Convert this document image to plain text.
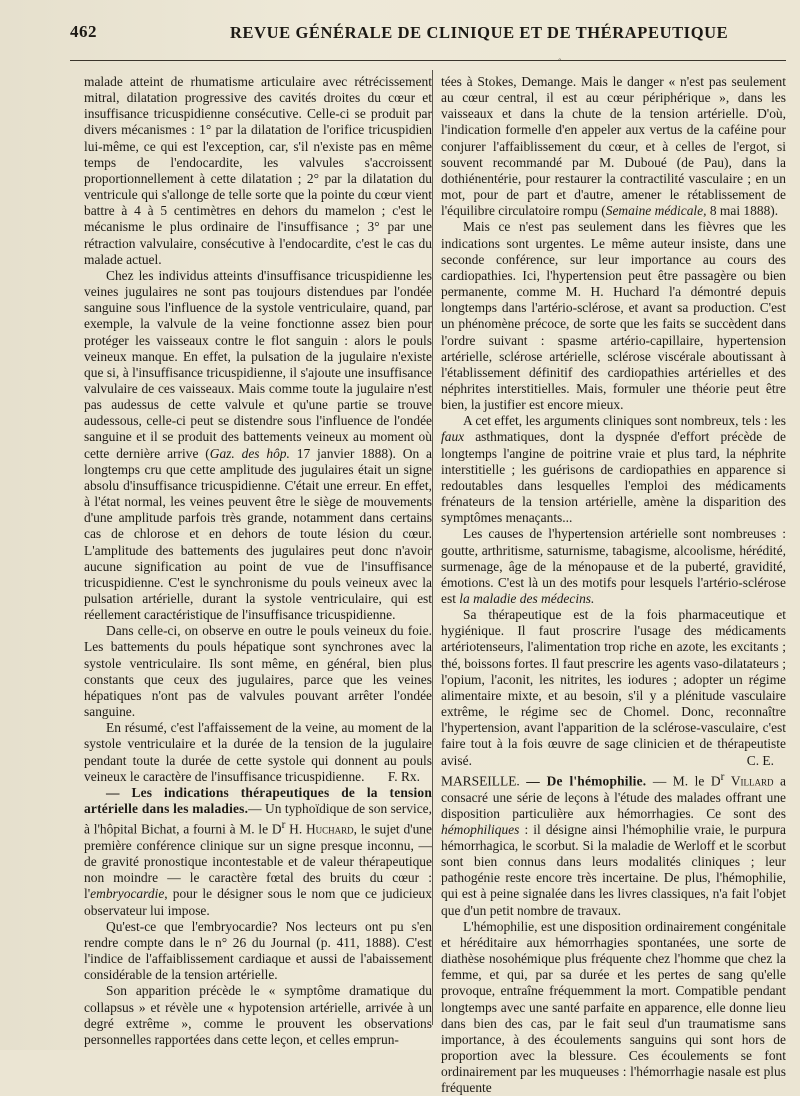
462	REVUE GÉNÉRALE DE CLINIQUE ET DE THÉRAPEUTIQUE
◦

malade atteint de rhumatisme articulaire avec rétrécissement mitral, dilatation progressive des cavités droites du cœur et insuffisance tricuspidienne consécutive. Celle-ci se produit par divers mécanismes : 1° par la dilatation de l'orifice tricuspidien lui-même, ce qui est l'exception, car, s'il n'existe pas en même temps de l'endocardite, les valvules s'accroissent proportionnellement à cette dilatation ; 2° par la dilatation du ventricule qui s'allonge de telle sorte que la pointe du cœur vient battre à 4 à 5 centimètres en dehors du mamelon ; c'est le mécanisme le plus ordinaire de l'insuffisance ; 3° par une rétraction valvulaire, consécutive à l'endocardite, c'est le cas du malade actuel.

Chez les individus atteints d'insuffisance tricuspidienne les veines jugulaires ne sont pas toujours distendues par l'ondée sanguine sous l'influence de la systole ventriculaire, quand, par exemple, la valvule de la veine fonctionne assez bien pour protéger les vaisseaux contre le flot sanguin : alors le pouls veineux manque. En effet, la pulsation de la jugulaire n'existe que si, à l'insuffisance tricuspidienne, il s'ajoute une insuffisance valvulaire de ces vaisseaux. Mais comme toute la jugulaire n'est pas audessus de cette valvule et qu'une partie se trouve audessous, celle-ci peut se distendre sous l'influence de l'ondée sanguine et il se produit des battements veineux au moment où cette dernière arrive (Gaz. des hôp. 17 janvier 1888). On a longtemps cru que cette amplitude des jugulaires était un signe absolu d'insuffisance tricuspidienne. C'était une erreur. En effet, à l'état normal, les veines peuvent être le siège de mouvements d'une amplitude parfois très grande, notamment dans certains cas de chlorose et en dehors de toute lésion du cœur. L'amplitude des battements des jugulaires peut donc n'avoir aucune signification au point de vue de l'insuffisance tricuspidienne. C'est le synchronisme du pouls veineux avec la pulsation artérielle, durant la systole ventriculaire, qui est réellement caractéristique de l'insuffisance tricuspidienne.

Dans celle-ci, on observe en outre le pouls veineux du foie. Les battements du pouls hépatique sont synchrones avec la systole ventriculaire. Ils sont même, en général, bien plus constants que ceux des jugulaires, parce que les veines hépatiques n'ont pas de valvules pouvant arrêter l'ondée sanguine.

En résumé, c'est l'affaissement de la veine, au moment de la systole ventriculaire et la durée de la tension de la jugulaire pendant toute la durée de cette systole qui donnent au pouls veineux le caractère de l'insuffisance tricuspidienne.	F. Rx.

— Les indications thérapeutiques de la tension artérielle dans les maladies.— Un typhoïdique de son service, à l'hôpital Bichat, a fourni à M. le $D^r$ H. Huchard, le sujet d'une première conférence clinique sur un signe presque inconnu, — de gravité pronostique incontestable et de valeur thérapeutique non moindre — le caractère fœtal des bruits du cœur : l'embryocardie, pour le désigner sous le nom que ce judicieux observateur lui impose.

Qu'est-ce que l'embryocardie? Nos lecteurs ont pu s'en rendre compte dans le n° 26 du Journal (p. 411, 1888). C'est l'indice de l'affaiblissement cardiaque et aussi de l'abaissement considérable de la tension artérielle.

Son apparition précède le « symptôme dramatique du collapsus » et révèle une « hypotension artérielle, arrivée à un degré extrême », comme le prouvent les observations personnelles rapportées dans cette leçon, et celles emprun-

tées à Stokes, Demange. Mais le danger « n'est pas seulement au cœur central, il est au cœur périphérique », dans les vaisseaux et dans la chute de la tension artérielle. D'où, l'indication formelle d'en appeler aux vertus de la caféine pour conjurer l'affaiblissement du cœur, et à celles de l'ergot, si souvent recommandé par M. Duboué (de Pau), dans la dothiénentérie, pour restaurer la contractilité vasculaire ; en un mot, pour de part et d'autre, amener le rétablissement de l'équilibre circulatoire rompu (Semaine médicale, 8 mai 1888).

Mais ce n'est pas seulement dans les fièvres que les indications sont urgentes. Le même auteur insiste, dans une seconde conférence, sur leur importance au cours des cardiopathies. Ici, l'hypertension peut être passagère ou bien permanente, comme M. H. Huchard l'a démontré depuis longtemps dans l'artério-sclérose, et avant sa production. C'est un phénomène précoce, de sorte que les faits se succèdent dans l'ordre suivant : spasme artério-capillaire, hypertension artérielle, sclérose artérielle, sclérose viscérale aboutissant à l'établissement définitif des cardiopathies artérielles et des néphrites interstitielles. Mais, formuler une théorie peut être bien, la justifier est encore mieux.

A cet effet, les arguments cliniques sont nombreux, tels : les faux asthmatiques, dont la dyspnée d'effort précède de longtemps l'angine de poitrine vraie et plus tard, la néphrite interstitielle ; les guérisons de cardiopathies en apparence si redoutables dans lesquelles l'emploi des médicaments frénateurs de la tension artérielle, amène la disparition des symptômes menaçants...

Les causes de l'hypertension artérielle sont nombreuses : goutte, arthritisme, saturnisme, tabagisme, alcoolisme, hérédité, surmenage, âge de la ménopause et de la puberté, gravidité, émotions. C'est là un des motifs pour lesquels l'artério-sclérose est la maladie des médecins.

Sa thérapeutique est de la fois pharmaceutique et hygiénique. Il faut proscrire l'usage des médicaments artériotenseurs, l'alimentation trop riche en azote, les excitants ; thé, boissons fortes. Il faut prescrire les agents vaso-dilatateurs ; l'opium, l'aconit, les nitrites, les iodures ; adopter un régime alimentaire mixte, et au besoin, s'il y a plénitude vasculaire extrême, le régime sec de Chomel. Donc, reconnaître l'hypertension, avant l'apparition de la sclérose-vasculaire, c'est faire tout à la fois œuvre de sage clinicien et de thérapeutiste avisé.	C. E.

MARSEILLE. — De l'hémophilie. — M. le $D^r$ Villard a consacré une série de leçons à l'étude des malades offrant une disposition particulière aux hémorrhagies. Ce sont des hémophiliques : il désigne ainsi l'hémophilie vraie, le purpura hémorrhagica, le scorbut. Si la maladie de Werloff et le scorbut sont bien connus dans leurs modalités cliniques ; leur pathogénie reste encore très incertaine. De plus, l'hémophilie, qui est à peine signalée dans les livres classiques, n'a fait l'objet que d'un petit nombre de travaux.

L'hémophilie, est une disposition ordinairement congénitale et héréditaire aux hémorrhagies spontanées, une sorte de diathèse nosohémique plus fréquente chez l'homme que chez la femme, et qui, par sa durée et les pertes de sang qu'elle provoque, entraîne fréquemment la mort. Compatible pendant longtemps avec une santé parfaite en apparence, elle donne lieu dans bien des cas, par le fait seul d'un traumatisme sans importance, à des écoulements sanguins qui sont hors de proportion avec la blessure. Ces écoulements se font ordinairement par les muqueuses : l'hémorrhagie nasale est plus fréquente
